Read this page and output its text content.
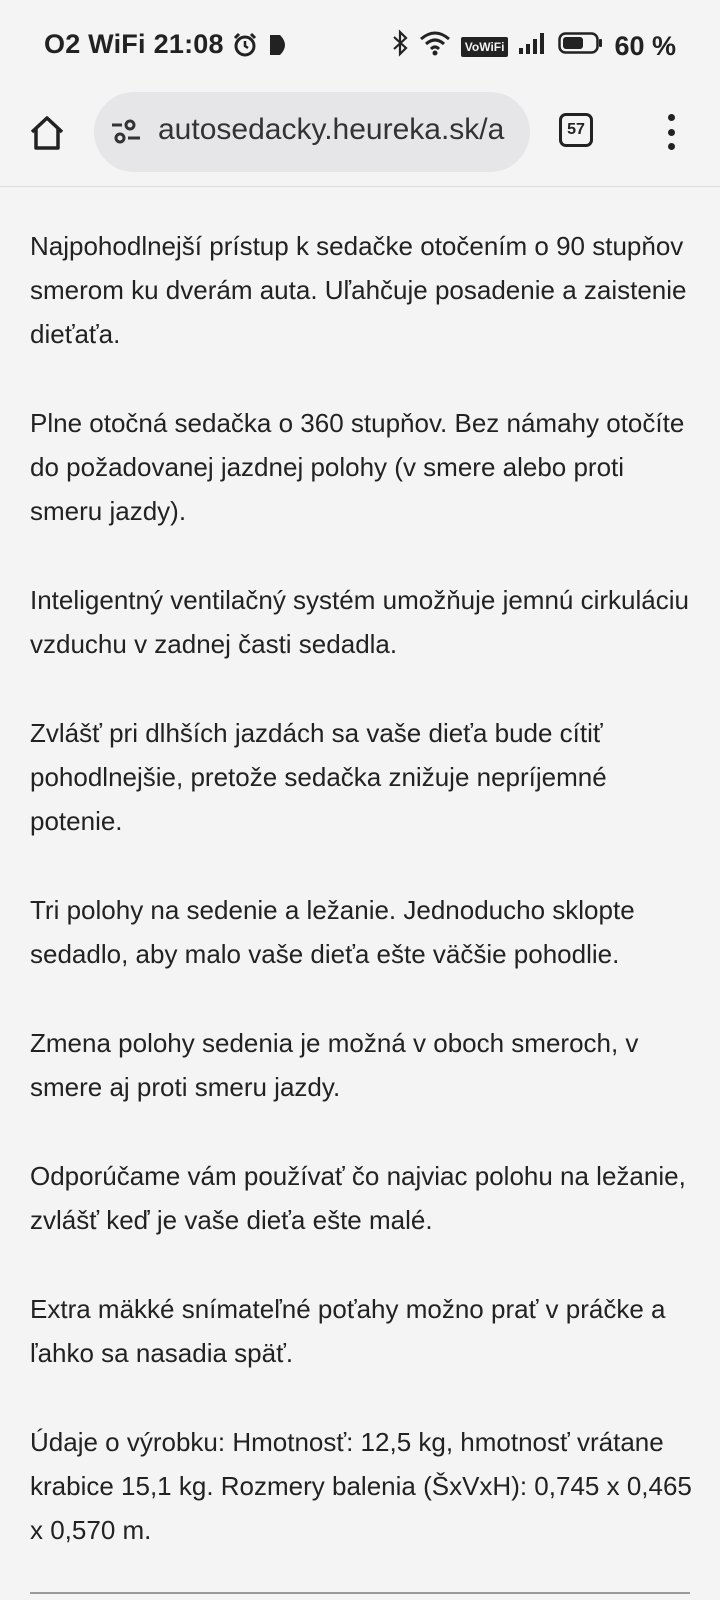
O2 WiFi 21:08	VoWiFi	60 %
autosedacky.heureka.sk/a	57

Najpohodlnejší prístup k sedačke otočením o 90 stupňov smerom ku dverám auta. Uľahčuje posadenie a zaistenie dieťaťa.

Plne otočná sedačka o 360 stupňov. Bez námahy otočíte do požadovanej jazdnej polohy (v smere alebo proti smeru jazdy).

Inteligentný ventilačný systém umožňuje jemnú cirkuláciu vzduchu v zadnej časti sedadla.

Zvlášť pri dlhších jazdách sa vaše dieťa bude cítiť pohodlnejšie, pretože sedačka znižuje nepríjemné potenie.

Tri polohy na sedenie a ležanie. Jednoducho sklopte sedadlo, aby malo vaše dieťa ešte väčšie pohodlie.

Zmena polohy sedenia je možná v oboch smeroch, v smere aj proti smeru jazdy.

Odporúčame vám používať čo najviac polohu na ležanie, zvlášť keď je vaše dieťa ešte malé.

Extra mäkké snímateľné poťahy možno prať v práčke a ľahko sa nasadia späť.

Údaje o výrobku: Hmotnosť: 12,5 kg, hmotnosť vrátane krabice 15,1 kg. Rozmery balenia (ŠxVxH): 0,745 x 0,465 x 0,570 m.
